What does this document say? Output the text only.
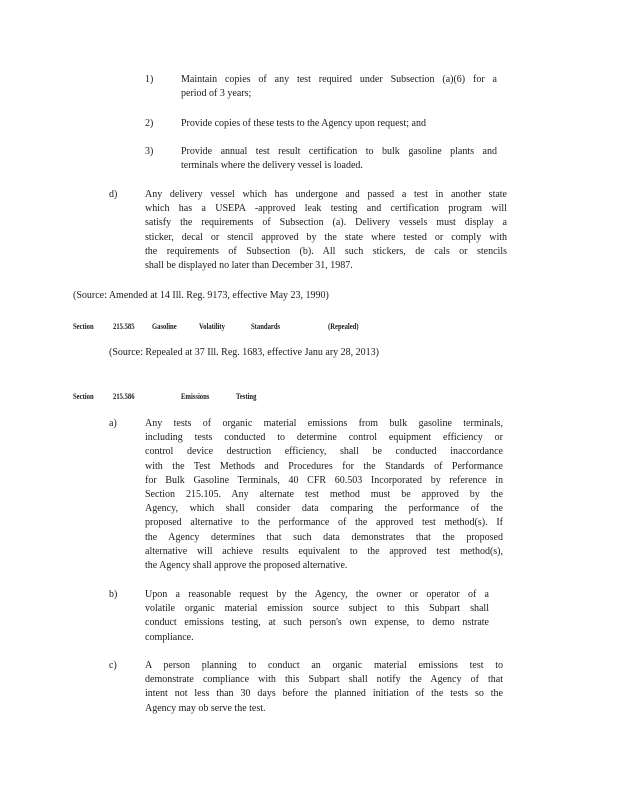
1)	Maintain copies of any test required under Subsection (a)(6) for a
period of 3 years;
2)	Provide copies of these tests to the Agency upon request; and
3)	Provide annual test result certification to bulk gasoline plants and
terminals where the delivery vessel is loaded.
d)	Any delivery vessel which has undergone and passed a test in another state
which has a USEPA -approved leak testing and certification program will
satisfy the requirements of Subsection (a). Delivery vessels must display a
sticker, decal or stencil approved by the state where tested or comply with
the requirements of Subsection (b). All such stickers, de cals or stencils
shall be displayed no later than December 31, 1987.
(Source: Amended at 14 Ill. Reg. 9173, effective May 23, 1990)
Section 215.585 Gasoline	Volatility	Standards	(Repealed)
(Source: Repealed at 37 Ill. Reg. 1683, effective Janu ary 28, 2013)
Section 215.586	Emissions	Testing
a)	Any tests of organic material emissions from bulk gasoline terminals,
including tests conducted to determine control equipment efficiency or
control device destruction efficiency, shall be conducted inaccordance
with the Test Methods and Procedures for the Standards of Performance
for Bulk Gasoline Terminals, 40 CFR 60.503 Incorporated by reference in
Section 215.105. Any alternate test method must be approved by the
Agency, which shall consider data comparing the performance of the
proposed alternative to the performance of the approved test method(s). If
the Agency determines that such data demonstrates that the proposed
alternative will achieve results equivalent to the approved test method(s),
the Agency shall approve the proposed alternative.
b)	Upon a reasonable request by the Agency, the owner or operator of a
volatile organic material emission source subject to this Subpart shall
conduct emissions testing, at such person's own expense, to demo nstrate
compliance.
c)	A person planning to conduct an organic material emissions test to
demonstrate compliance with this Subpart shall notify the Agency of that
intent not less than 30 days before the planned initiation of the tests so the
Agency may ob serve the test.
